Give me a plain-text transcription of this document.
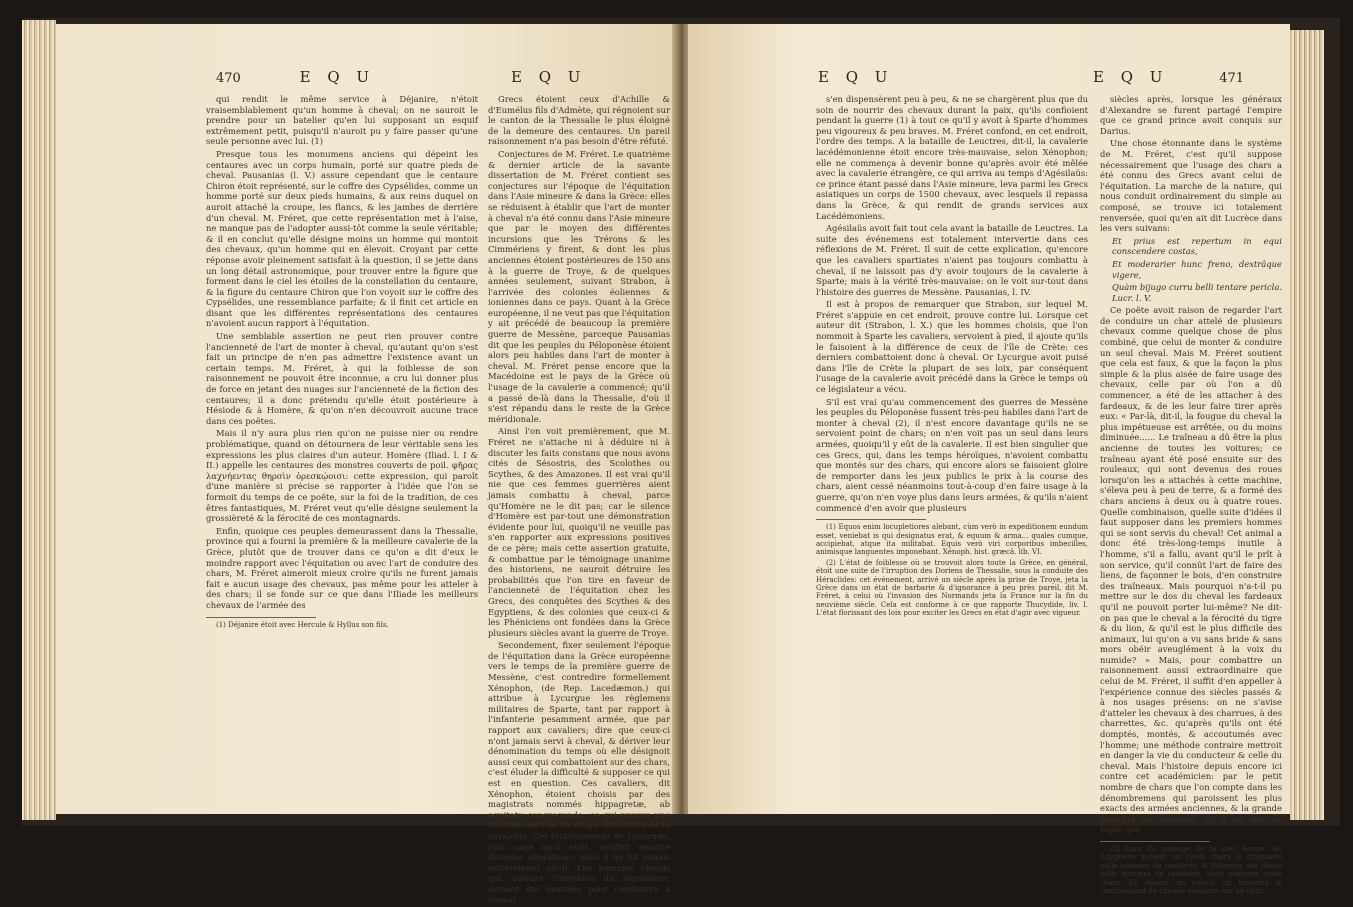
470	E Q U	E Q U

qui rendit le même service à Déjanire, n'étoit vraisemblablement qu'un homme à cheval; on ne sauroit le prendre pour un batelier qu'en lui supposant un esquif extrêmement petit, puisqu'il n'auroit pu y faire passer qu'une seule personne avec lui. (1)

Presque tous les monumens anciens qui dépeint les centaures avec un corps humain, porté sur quatre pieds de cheval. Pausanias (l. V.) assure cependant que le centaure Chiron étoit représenté, sur le coffre des Cypsélides, comme un homme porté sur deux pieds humains, & aux reins duquel on auroit attaché la croupe, les flancs, & les jambes de derrière d'un cheval. M. Fréret, que cette représentation met à l'aise, ne manque pas de l'adopter aussi-tôt comme la seule véritable; & il en conclut qu'elle désigne moins un homme qui montoit des chevaux, qu'un homme qui en élevoit. Croyant par cette réponse avoir pleinement satisfait à la question, il se jette dans un long détail astronomique, pour trouver entre la figure que forment dans le ciel les étoiles de la constellation du centaure, & la figure du centaure Chiron que l'on voyoit sur le coffre des Cypsélides, une ressemblance parfaite; & il finit cet article en disant que les différentes représentations des centaures n'avoient aucun rapport à l'équitation.

Une semblable assertion ne peut rien prouver contre l'ancienneté de l'art de monter à cheval, qu'autant qu'on s'est fait un principe de n'en pas admettre l'existence avant un certain temps. M. Fréret, à qui la foiblesse de son raisonnement ne pouvoit être inconnue, a cru lui donner plus de force en jetant des nuages sur l'ancienneté de la fiction des centaures; il a donc prétendu qu'elle étoit postérieure à Hésiode & à Homère, & qu'on n'en découvroit aucune trace dans ces poëtes.

Mais il n'y aura plus rien qu'on ne puisse nier ou rendre problématique, quand on détournera de leur véritable sens les expressions les plus claires d'un auteur. Homère (Iliad. l. I & II.) appelle les centaures des monstres couverts de poil. φῆρας λαχνήεντας θηρσὶν ὀρεσκῴοισι: cette expression, qui paroît d'une manière si précise se rapporter à l'idée que l'on se formoit du temps de ce poëte, sur la foi de la tradition, de ces êtres fantastiques, M. Fréret veut qu'elle désigne seulement la grossièreté & la férocité de ces montagnards.

Enfin, quoique ces peuples demeurassent dans la Thessalie, province qui a fourni la première & la meilleure cavalerie de la Grèce, plutôt que de trouver dans ce qu'on a dit d'eux le moindre rapport avec l'équitation ou avec l'art de conduire des chars, M. Fréret aimeroit mieux croire qu'ils ne furent jamais fait e aucun usage des chevaux, pas même pour les atteler à des chars; il se fonde sur ce que dans l'Iliade les meilleurs chevaux de l'armée des

(1) Déjanire étoit avec Hercule & Hyllus son fils.

Grecs étoient ceux d'Achille & d'Eumélus fils d'Admète, qui régnoient sur le canton de la Thessalie le plus éloigné de la demeure des centaures. Un pareil raisonnement n'a pas besoin d'être réfuté.

Conjectures de M. Fréret. Le quatrième & dernier article de la savante dissertation de M. Fréret contient ses conjectures sur l'époque de l'équitation dans l'Asie mineure & dans la Grèce: elles se réduisent à établir que l'art de monter à cheval n'a été connu dans l'Asie mineure que par le moyen des différentes incursions que les Trérons & les Cimmériens y firent, & dont les plus anciennes étoient postérieures de 150 ans à la guerre de Troye, & de quelques années seulement, suivant Strabon, à l'arrivée des colonies éoliennes & ioniennes dans ce pays. Quant à la Grèce européenne, il ne veut pas que l'équitation y ait précédé de beaucoup la première guerre de Messène, parceque Pausanias dit que les peuples du Péloponèse étoient alors peu habiles dans l'art de monter à cheval. M. Fréret pense encore que la Macédoine est le pays de la Grèce où l'usage de la cavalerie a commencé; qu'il a passé de-là dans la Thessalie, d'où il s'est répandu dans le reste de la Grèce méridionale.

Ainsi l'on voit premièrement, que M. Fréret ne s'attache ni à déduire ni à discuter les faits constans que nous avons cités de Sésostris, des Scolothes ou Scythes, & des Amazones. Il est vrai qu'il nie que ces femmes guerrières aient jamais combattu à cheval, parce qu'Homère ne le dit pas; car le silence d'Homère est par-tout une démonstration évidente pour lui, quoiqu'il ne veuille pas s'en rapporter aux expressions positives de ce père; mais cette assertion gratuite, & combattue par le témoignage unanime des historiens, ne sauroit détruire les probabilités que l'on tire en faveur de l'ancienneté de l'équitation chez les Grecs, des conquêtes des Scythes & des Egyptiens, & des colonies que ceux-ci & les Phéniciens ont fondées dans la Grèce plusieurs siècles avant la guerre de Troye.

Secondement, fixer seulement l'époque de l'équitation dans la Grèce européenne vers le temps de la première guerre de Messène, c'est contredire formellement Xénophon, (de Rep. Lacedæmon.) qui attribue à Lycurgue les règlemens militaires de Sparte, tant par rapport à l'infanterie pesamment armée, que par rapport aux cavaliers; dire que ceux-ci n'ont jamais servi à cheval, & dériver leur dénomination du temps où elle désignoit aussi ceux qui combattoient sur des chars, c'est éluder la difficulté & supposer ce qui est en question. Ces cavaliers, dit Xénophon, étoient choisis par des magistrats nommés hippagretæ, ab equitatu congregando; ce qui prouve une connoissance & un usage antérieurs de la cavalerie. Cet établissement de Lycurgue, tout sage qu'il étoit, souffrit ensuite diverses altérations; mais il ne fut jamais entièrement aboli. Les hommes choisis qui, suivant l'intention du législateur, avoient été destinés pour combattre à cheval,

E Q U	E Q U	471

s'en dispensèrent peu à peu, & ne se chargèrent plus que du soin de nourrir des chevaux durant la paix, qu'ils confioient pendant la guerre (1) à tout ce qu'il y avoit à Sparte d'hommes peu vigoureux & peu braves. M. Fréret confond, en cet endroit, l'ordre des temps. A la bataille de Leuctres, dit-il, la cavalerie lacédémonienne étoit encore très-mauvaise, selon Xénophon; elle ne commença à devenir bonne qu'après avoir été mêlée avec la cavalerie étrangère, ce qui arriva au temps d'Agésilaüs: ce prince étant passé dans l'Asie mineure, leva parmi les Grecs asiatiques un corps de 1500 chevaux, avec lesquels il repassa dans la Grèce, & qui rendit de grands services aux Lacédémoniens.

Agésilaüs avoit fait tout cela avant la bataille de Leuctres. La suite des événemens est totalement intervertie dans ces réflexions de M. Fréret. Il suit de cette explication, qu'encore que les cavaliers spartiates n'aient pas toujours combattu à cheval, il ne laissoit pas d'y avoir toujours de la cavalerie à Sparte; mais à la vérité très-mauvaise: on le voit sur-tout dans l'histoire des guerres de Messène. Pausanias, l. IV.

Il est à propos de remarquer que Strabon, sur lequel M. Fréret s'appuie en cet endroit, prouve contre lui. Lorsque cet auteur dit (Strabon, l. X.) que les hommes choisis, que l'on nommoit à Sparte les cavaliers, servoient à pied, il ajoute qu'ils le faisoient à la différence de ceux de l'île de Crète: ces derniers combattoient donc à cheval. Or Lycurgue avoit puisé dans l'île de Crète la plupart de ses loix, par conséquent l'usage de la cavalerie avoit précédé dans la Grèce le temps où ce législateur a vécu.

S'il est vrai qu'au commencement des guerres de Messène les peuples du Péloponèse fussent très-peu habiles dans l'art de monter à cheval (2), il n'est encore davantage qu'ils ne se servoient point de chars; on n'en voit pas un seul dans leurs armées, quoiqu'il y eût de la cavalerie. Il est bien singulier que ces Grecs, qui, dans les temps héroïques, n'avoient combattu que montés sur des chars, qui encore alors se faisoient gloire de remporter dans les jeux publics le prix à la course des chars, aient cessé néanmoins tout-à-coup d'en faire usage à la guerre, qu'on n'en voye plus dans leurs armées, & qu'ils n'aient commencé d'en avoir que plusieurs

(1) Equos enim locupletiores alebant, cùm verò in expeditionem eundum esset, veniebat is qui designatus erat, & equum & arma... quales cumque, accipiebat, atque ita militabat. Equis verò viri corporibus imbecilles, animisque languentes imponebant. Xénoph. hist. græcâ. lib. VI.

(2) L'état de foiblesse où se trouvoit alors toute la Grèce, en général, étoit une suite de l'irruption des Doriens de Thessalie, sous la conduite des Héraclides: cet événement, arrivé un siècle après la prise de Troye, jeta la Grèce dans un état de barbarie & d'ignorance à peu près pareil, dit M. Fréret, à celui où l'invasion des Normands jeta la France sur la fin du neuvième siècle. Cela est conforme à ce que rapporte Thucydide, liv. I. L'état florissant des loix pour exciter les Grecs en état d'agir avec vigueur.

siècles après, lorsque les généraux d'Alexandre se furent partagé l'empire que ce grand prince avoit conquis sur Darius.

Une chose étonnante dans le système de M. Fréret, c'est qu'il suppose nécessairement que l'usage des chars a été connu des Grecs avant celui de l'équitation. La marche de la nature, qui nous conduit ordinairement du simple au composé, se trouve ici totalement renversée, quoi qu'en ait dit Lucrèce dans les vers suivans:

Et prius est repertum in equi conscendere costas,

Et moderarier hunc freno, dextrâque vigere,

Quàm bijugo curru belli tentare pericla. Lucr. l. V.

Ce poëte avoit raison de regarder l'art de conduire un char attelé de plusieurs chevaux comme quelque chose de plus combiné, que celui de monter & conduire un seul cheval. Mais M. Fréret soutient que cela est faux, & que la façon la plus simple & la plus aisée de faire usage des chevaux, celle par où l'on a dû commencer, a été de les attacher à des fardeaux, & de les leur faire tirer après eux: « Par-là, dit-il, la fougue du cheval la plus impétueuse est arrêtée, ou du moins diminuée...... Le traîneau a dû être la plus ancienne de toutes les voitures; ce traîneau ayant été posé ensuite sur des rouleaux, qui sont devenus des roues lorsqu'on les a attachés à cette machine, s'éleva peu à peu de terre, & a formé des chars anciens à deux ou à quatre roues. Quelle combinaison, quelle suite d'idées il faut supposer dans les premiers hommes qui se sont servis du cheval! Cet animal a donc été très-long-temps inutile à l'homme, s'il a fallu, avant qu'il le prît à son service, qu'il connût l'art de faire des liens, de façonner le bois, d'en construire des traîneaux. Mais pourquoi n'a-t-il pu mettre sur le dos du cheval les fardeaux qu'il ne pouvoit porter lui-même? Ne dit-on pas que le cheval a la férocité du tigre & du lion, & qu'il est le plus difficile des animaux, lui qu'on a vu sans bride & sans mors obéir aveuglément à la voix du numide? » Mais, pour combattre un raisonnement aussi extraordinaire que celui de M. Fréret, il suffit d'en appeller à l'expérience connue des siècles passés & à nos usages présens: on ne s'avise d'atteler les chevaux à des charrues, à des charrettes, &c. qu'après qu'ils ont été domptés, montés, & accoutumés avec l'homme; une méthode contraire mettroit en danger la vie du conducteur & celle du cheval. Mais l'histoire depuis encore ici contre cet académicien: par le petit nombre de chars que l'on compte dans les dénombremens qui paroissent les plus exacts des armées anciennes, & la grande quantité de cavalerie, (3) il est aisé de juger que

(3) Lors du passage de la mer Rouge, les Egyptiens avoient six cents chars & cinquante mille hommes de cavalerie, & Salomon, sur douze mille hommes de cavalerie, avoit quatorze cents chars. En faisant un calcul, on trouvera le commandant de chaque escadron sur un char.
